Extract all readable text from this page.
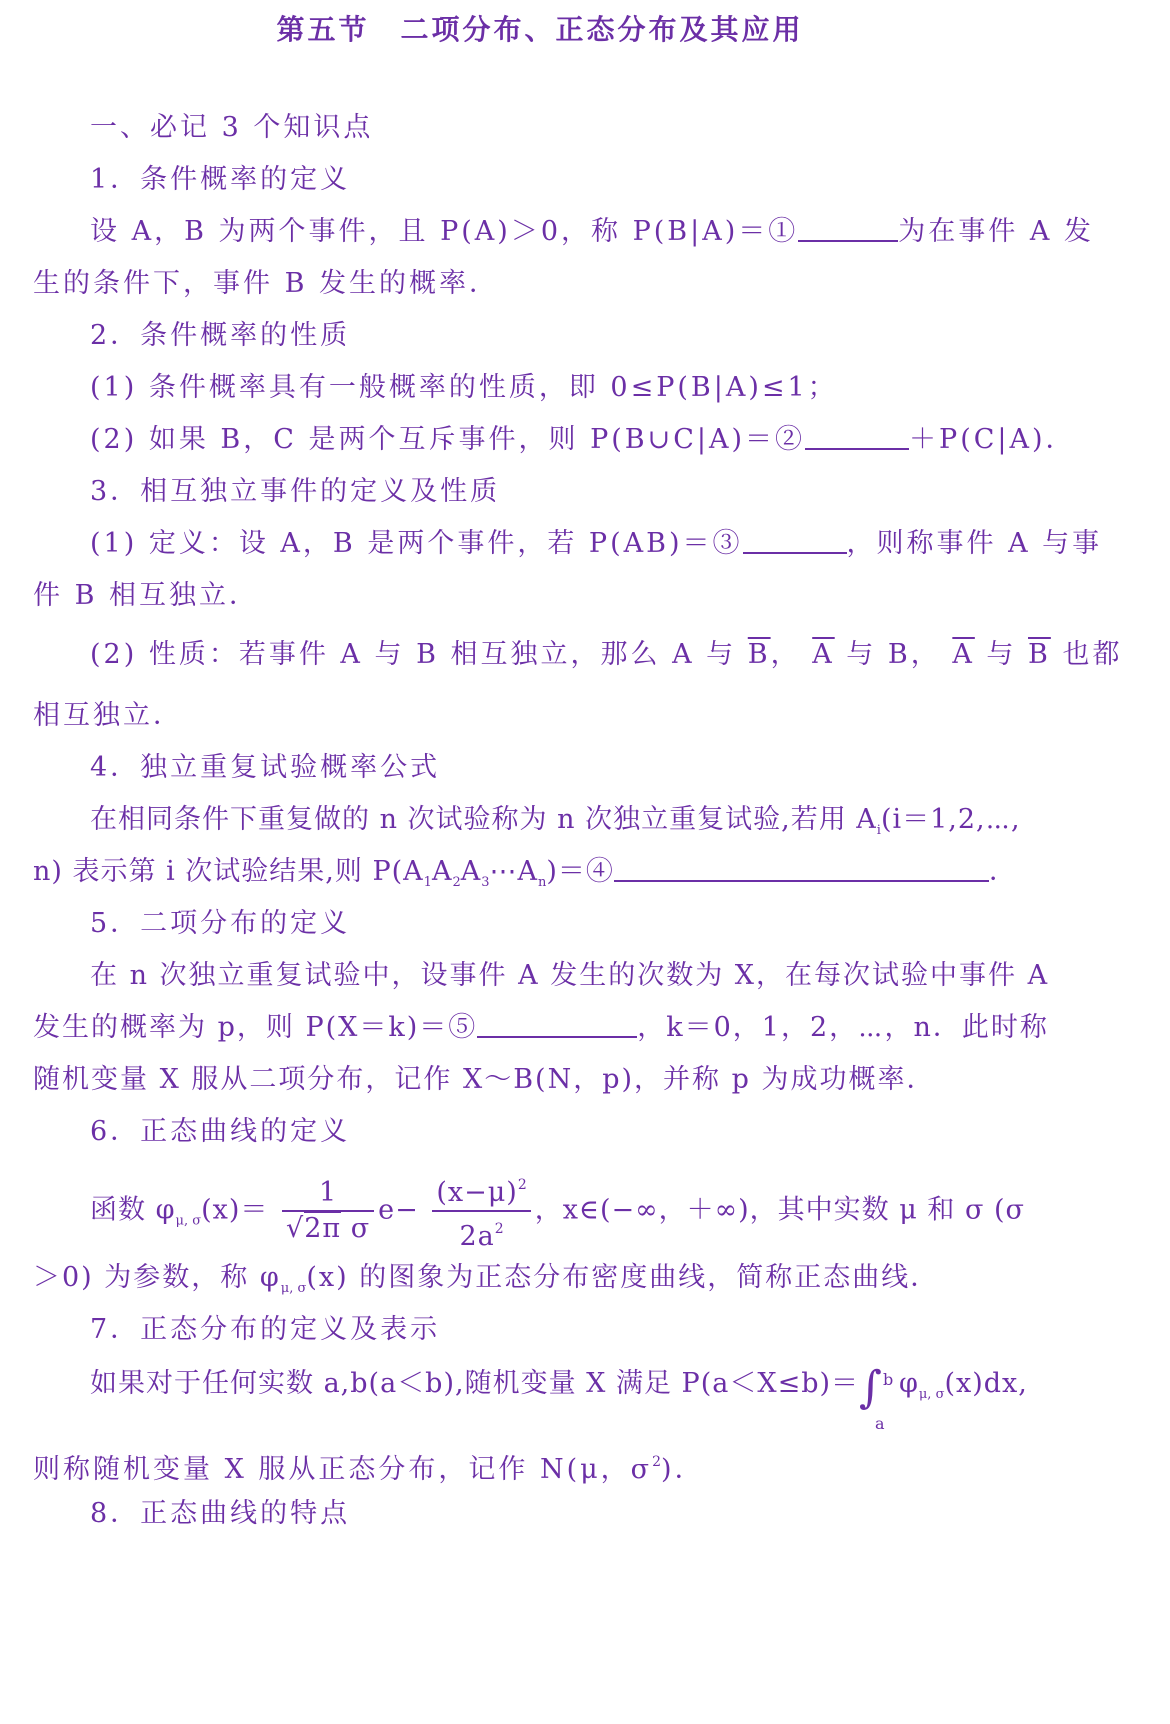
第五节　二项分布、正态分布及其应用
一、必记 3 个知识点
1．条件概率的定义
设 A，B 为两个事件，且 P(A)＞0，称 P(B|A)＝①	为在事件 A 发
生的条件下，事件 B 发生的概率．
2．条件概率的性质
(1) 条件概率具有一般概率的性质，即 0≤P(B|A)≤1；
(2) 如果 B，C 是两个互斥事件，则 P(B∪C|A)＝②	＋P(C|A)．
3．相互独立事件的定义及性质
(1) 定义：设 A，B 是两个事件，若 P(AB)＝③	，则称事件 A 与事
件 B 相互独立．
(2) 性质：若事件 A 与 B 相互独立，那么 A 与 $\overline{B}$， $\overline{A}$ 与 B， $\overline{A}$ 与 $\overline{B}$ 也都
相互独立．
4．独立重复试验概率公式
在相同条件下重复做的 n 次试验称为 n 次独立重复试验,若用 $A_i(i=1,2,\cdots$,
n) 表示第 i 次试验结果,则 $P(A_1A_2A_3\cdots A_n)=④$	．
5．二项分布的定义
在 n 次独立重复试验中，设事件 A 发生的次数为 X，在每次试验中事件 A
发生的概率为 p，则 P(X＝k)＝⑤	，k＝0，1，2，⋯，n．此时称
随机变量 X 服从二项分布，记作 X～B(N，p)，并称 p 为成功概率．
6．正态曲线的定义
函数 $\varphi_{\mu, \sigma}(x)= \frac{1}{\text{√2π σ}} e- \frac{(x-\mu)^2}{2a^2}$ ，x∈(−∞，＋∞)，其中实数 μ 和 σ (σ
＞0) 为参数，称 $\varphi_{\mu, \sigma}(x)$ 的图象为正态分布密度曲线，简称正态曲线．
7．正态分布的定义及表示
如果对于任何实数 a,b(a＜b),随机变量 X 满足 P(a＜X≤b)＝∫ b
a
$\varphi_{\mu, \sigma}(x)dx$,
则称随机变量 X 服从正态分布，记作 N(μ，$\sigma^2$)．
8．正态曲线的特点
